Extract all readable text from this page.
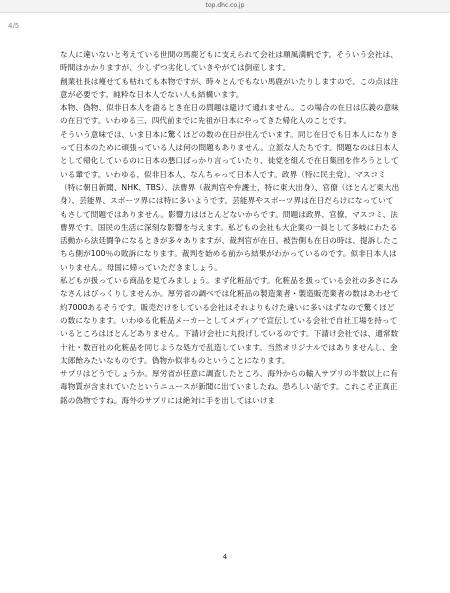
top.dhc.co.jp
4/5

な人に違いないと考えている世間の馬鹿どもに支えられて会社は順風満帆です。そういう会社は、時間はかかりますが、少しずつ劣化していきやがては倒産します。

創業社長は痩せても枯れても本物ですが、時々とんでもない馬鹿がいたりしますので、この点は注意が必要です。純粋な日本人でない人も結構います。

本物、偽物、似非日本人を語るとき在日の問題は避けて通れません。この場合の在日は広義の意味の在日です。いわゆる三、四代前までに先祖が日本にやってきた帰化人のことです。

そういう意味では、いま日本に驚くほどの数の在日が住んでいます。同じ在日でも日本人になりきって日本のために頑張っている人は何の問題もありません。立派な人たちです。問題なのは日本人として帰化しているのに日本の悪口ばっかり言っていたり、徒党を組んで在日集団を作ろうとしている輩です。いわゆる、似非日本人、なんちゃって日本人です。政界（特に民主党）、マスコミ（特に朝日新聞、NHK、TBS）、法曹界（裁判官や弁護士、特に東大出身）、官僚（ほとんど東大出身）、芸能界、スポーツ界には特に多いようです。芸能界やスポーツ界は在日だらけになっていてもさして問題ではありません。影響力はほとんどないからです。問題は政界、官僚、マスコミ、法曹界です。国民の生活に深刻な影響を与えます。私どもの会社も大企業の一員として多岐にわたる活動から法廷闘争になるときが多々ありますが、裁判官が在日、被告側も在日の時は、提訴したこちら側が100％の敗訴になります。裁判を始める前から結果がわかっているのです。似非日本人はいりません。母国に帰っていただきましょう。

私どもが扱っている商品を見てみましょう。まず化粧品です。化粧品を扱っている会社の多さにみなさんはびっくりしませんか。厚労省の調べでは化粧品の製造業者・製造販売業者の数はあわせて約7000あるそうです。販売だけをしている会社はそれよりもけた違いに多いはずなので驚くほどの数になります。いわゆる化粧品メーカーとしてメディアで宣伝している会社で自社工場を持っているところはほとんどありません。下請け会社に丸投げしているのです。下請け会社では、通常数十社・数百社の化粧品を同じような処方で乱造しています。当然オリジナルではありませんし、金太郎飴みたいなものです。偽物か似非ものということになります。

サプリはどうでしょうか。厚労省が任意に調査したところ、海外からの輸入サプリの半数以上に有毒物質が含まれていたというニュースが新聞に出ていましたね。恐ろしい話です。これこそ正真正銘の偽物ですね。海外のサプリには絶対に手を出してはいけま

4
